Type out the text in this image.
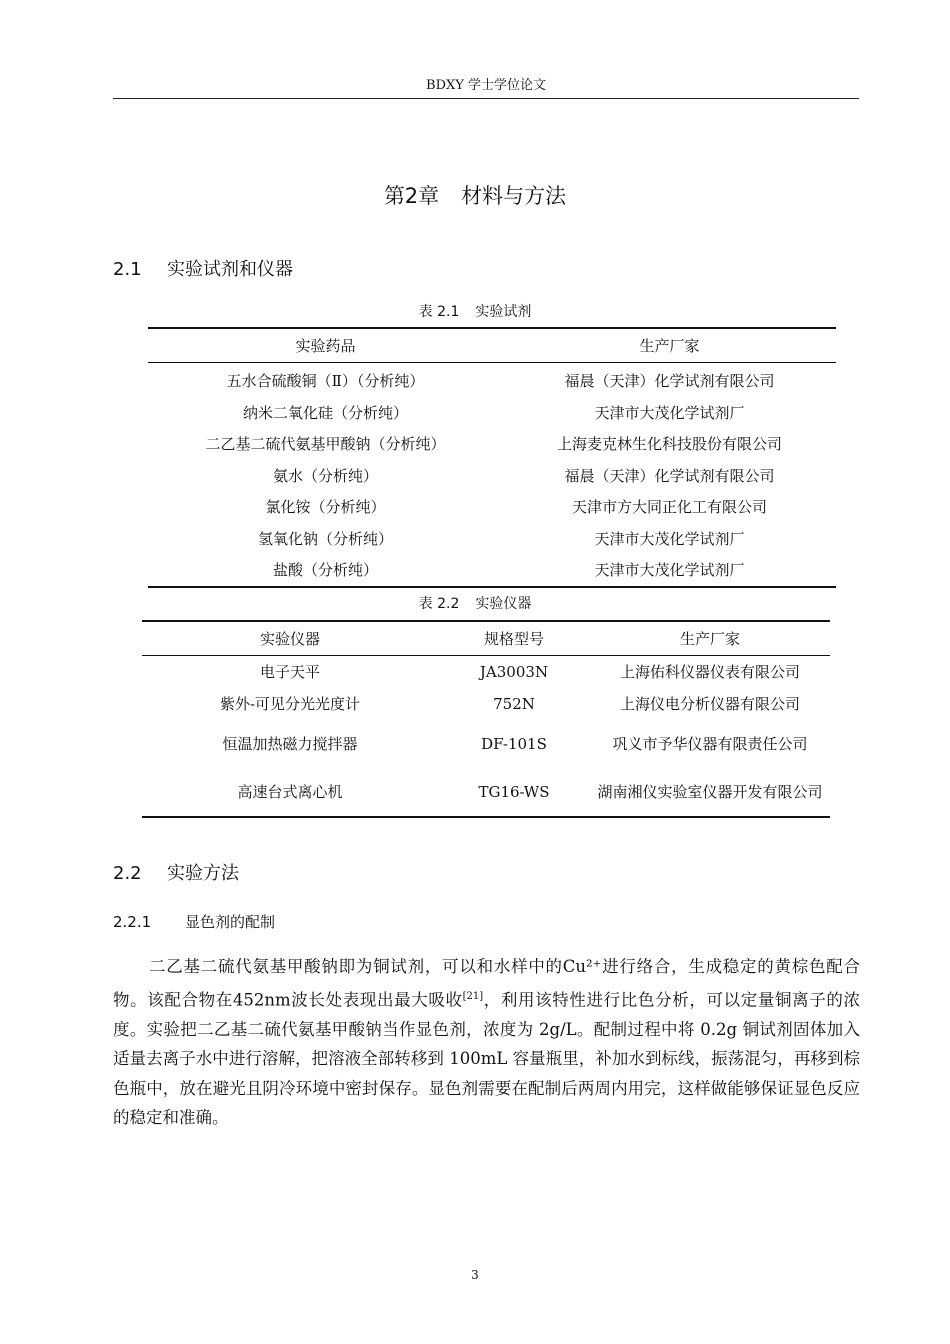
BDXY 学士学位论文
第2章 材料与方法
2.1 实验试剂和仪器
表 2.1 实验试剂
实验药品	生产厂家
五水合硫酸铜（Ⅱ）（分析纯）	福晨（天津）化学试剂有限公司
纳米二氧化硅（分析纯）	天津市大茂化学试剂厂
二乙基二硫代氨基甲酸钠（分析纯）	上海麦克林生化科技股份有限公司
氨水（分析纯）	福晨（天津）化学试剂有限公司
氯化铵（分析纯）	天津市方大同正化工有限公司
氢氧化钠（分析纯）	天津市大茂化学试剂厂
盐酸（分析纯）	天津市大茂化学试剂厂
表 2.2 实验仪器
实验仪器	规格型号	生产厂家
电子天平	JA3003N	上海佑科仪器仪表有限公司
紫外-可见分光光度计	752N	上海仪电分析仪器有限公司
恒温加热磁力搅拌器	DF-101S	巩义市予华仪器有限责任公司
高速台式离心机	TG16-WS	湖南湘仪实验室仪器开发有限公司
2.2 实验方法
2.2.1 显色剂的配制
二乙基二硫代氨基甲酸钠即为铜试剂，可以和水样中的Cu²⁺进行络合，生成稳定的黄棕色配合物。该配合物在452nm波长处表现出最大吸收[21]，利用该特性进行比色分析，可以定量铜离子的浓度。实验把二乙基二硫代氨基甲酸钠当作显色剂，浓度为 2g/L。配制过程中将 0.2g 铜试剂固体加入适量去离子水中进行溶解，把溶液全部转移到 100mL 容量瓶里，补加水到标线，振荡混匀，再移到棕色瓶中，放在避光且阴冷环境中密封保存。显色剂需要在配制后两周内用完，这样做能够保证显色反应的稳定和准确。
3
